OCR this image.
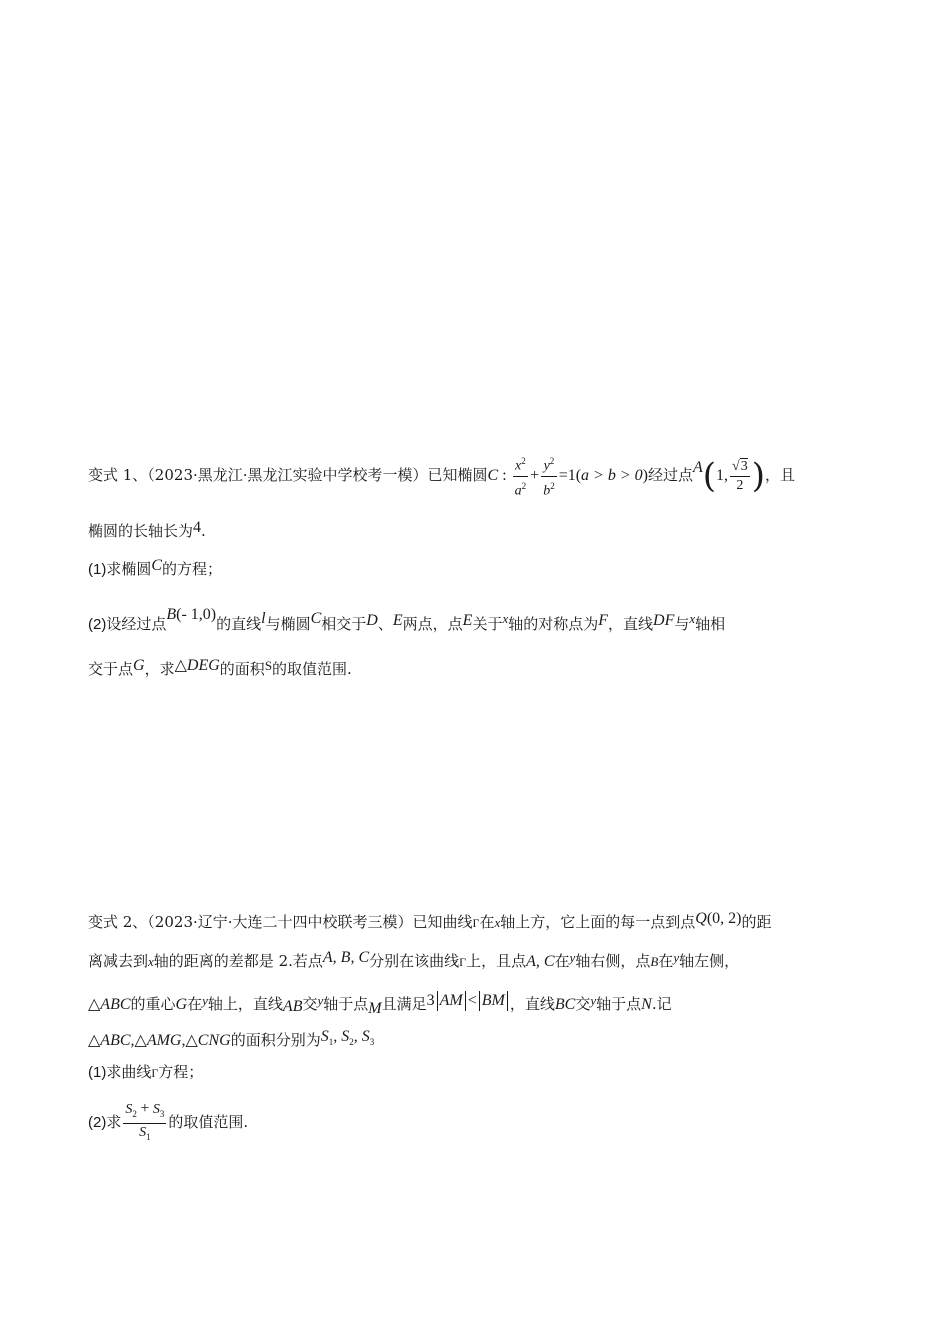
变式 1、（2023·黑龙江·黑龙江实验中学校考一模）已知椭圆C : $\frac{x^2}{a^2} + \frac{y^2}{b^2} =1(a > b > 0)$经过点A(1, $\frac{√3}{2}$ )，且
椭圆的长轴长为4.
(1)求椭圆C的方程；
(2)设经过点B(- 1,0)的直线l与椭圆C相交于D、E两点，点E关于x轴的对称点为F，直线DF与x轴相
交于点G，求△DEG的面积S的取值范围.
变式 2、（2023·辽宁·大连二十四中校联考三模）已知曲线Γ在x轴上方，它上面的每一点到点Q(0, 2)的距
离减去到x轴的距离的差都是 2.若点A, B, C分别在该曲线Γ上，且点A, C在y轴右侧，点B在y轴左侧，
△ABC的重心G在y轴上，直线AB交y轴于点M且满足3 AM < BM ，直线BC交y轴于点N.记
△ABC,△AMG,△CNG的面积分别为$S_1$, $S_2$, $S_3$
(1)求曲线Γ方程；
(2)求 $\frac{S_2 + S_3}{S_1}$ 的取值范围.
